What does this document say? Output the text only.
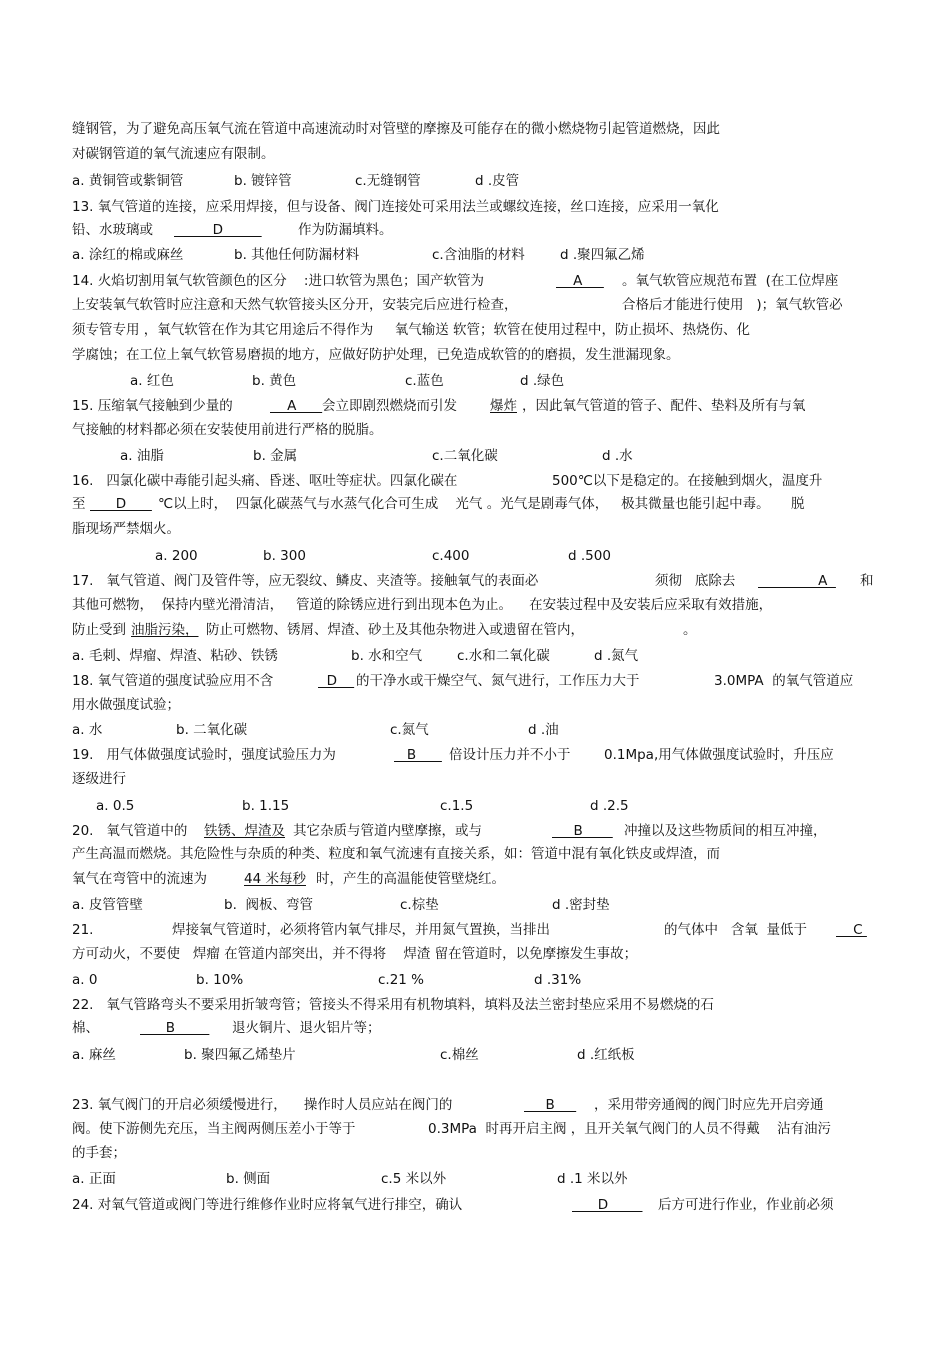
缝钢管，为了避免高压氧气流在管道中高速流动时对管壁的摩擦及可能存在的微小燃烧物引起管道燃烧，因此
对碳钢管道的氧气流速应有限制。
a. 黄铜管或紫铜管	b. 镀锌管	c.无缝钢管	d .皮管
13. 氧气管道的连接，应采用焊接，但与设备、阀门连接处可采用法兰或螺纹连接，丝口连接，应采用一氧化
铅、水玻璃或 D	作为防漏填料。
a. 涂红的棉或麻丝	b. 其他任何防漏材料	c.含油脂的材料	d .聚四氟乙烯
14. 火焰切割用氧气软管颜色的区分    :进口软管为黑色；国产软管为	A 。氧气软管应规范布置  (在工位焊座
上安装氧气软管时应注意和天然气软管接头区分开，安装完后应进行检查，	合格后才能进行使用   )；氧气软管必
须专管专用 ，氧气软管在作为其它用途后不得作为     氧气输送 软管；软管在使用过程中，防止损坏、热烧伤、化
学腐蚀；在工位上氧气软管易磨损的地方，应做好防护处理，已免造成软管的的磨损，发生泄漏现象。
a. 红色	b. 黄色	c.蓝色	d .绿色
15. 压缩氧气接触到少量的	A 会立即剧烈燃烧而引发 爆炸 ，因此氧气管道的管子、配件、垫料及所有与氧
气接触的材料都必须在安装使用前进行严格的脱脂。
a. 油脂	b. 金属	c.二氧化碳	d .水
16.   四氯化碳中毒能引起头痛、昏迷、呕吐等症状。四氯化碳在	500℃以下是稳定的。在接触到烟火，温度升
至 D ℃以上时，  四氯化碳蒸气与水蒸气化合可生成    光气 。光气是剧毒气体，   极其微量也能引起中毒。     脱
脂现场严禁烟火。
a. 200	b. 300	c.400	d .500
17.   氧气管道、阀门及管件等，应无裂纹、鳞皮、夹渣等。接触氧气的表面必	须彻   底除去 A 和
其他可燃物，  保持内壁光滑清洁，   管道的除锈应进行到出现本色为止。    在安装过程中及安装后应采取有效措施，
防止受到 油脂污染， 防止可燃物、锈屑、焊渣、砂土及其他杂物进入或遗留在管内，	。
a. 毛刺、焊瘤、焊渣、粘砂、铁锈	b. 水和空气	c.水和二氧化碳	d .氮气
18. 氧气管道的强度试验应用不含	D 的干净水或干燥空气、氮气进行，工作压力大于	3.0MPA  的氧气管道应
用水做强度试验；
a. 水	b. 二氧化碳	c.氮气	d .油
19.   用气体做强度试验时，强度试验压力为	B 倍设计压力并不小于 0.1Mpa,用气体做强度试验时，升压应
逐级进行
a. 0.5	b. 1.15	c.1.5	d .2.5
20.   氧气管道中的 铁锈、焊渣及 其它杂质与管道内壁摩擦，或与	B 冲撞以及这些物质间的相互冲撞，
产生高温而燃烧。其危险性与杂质的种类、粒度和氧气流速有直接关系，如：管道中混有氧化铁皮或焊渣，而
氧气在弯管中的流速为	44 米每秒 时，产生的高温能使管壁烧红。
a. 皮管管壁	b.  阀板、弯管	c.棕垫	d .密封垫
21.	焊接氧气管道时，必须将管内氧气排尽，并用氮气置换，当排出	的气体中   含氧  量低于 C
方可动火，不要使   焊瘤 在管道内部突出，并不得将    焊渣 留在管道时，以免摩擦发生事故；
a. 0	b. 10%	c.21 %	d .31%
22.   氧气管路弯头不要采用折皱弯管；管接头不得采用有机物填料，填料及法兰密封垫应采用不易燃烧的石
棉、	B 退火铜片、退火铝片等；
a. 麻丝	b. 聚四氟乙烯垫片	c.棉丝	d .红纸板
23. 氧气阀门的开启必须缓慢进行，    操作时人员应站在阀门的	B ，采用带旁通阀的阀门时应先开启旁通
阀。使下游侧先充压，当主阀两侧压差小于等于	0.3MPa  时再开启主阀 ，且开关氧气阀门的人员不得戴    沾有油污
的手套；
a. 正面	b. 侧面	c.5 米以外	d .1 米以外
24. 对氧气管道或阀门等进行维修作业时应将氧气进行排空，确认	D 后方可进行作业，作业前必须
